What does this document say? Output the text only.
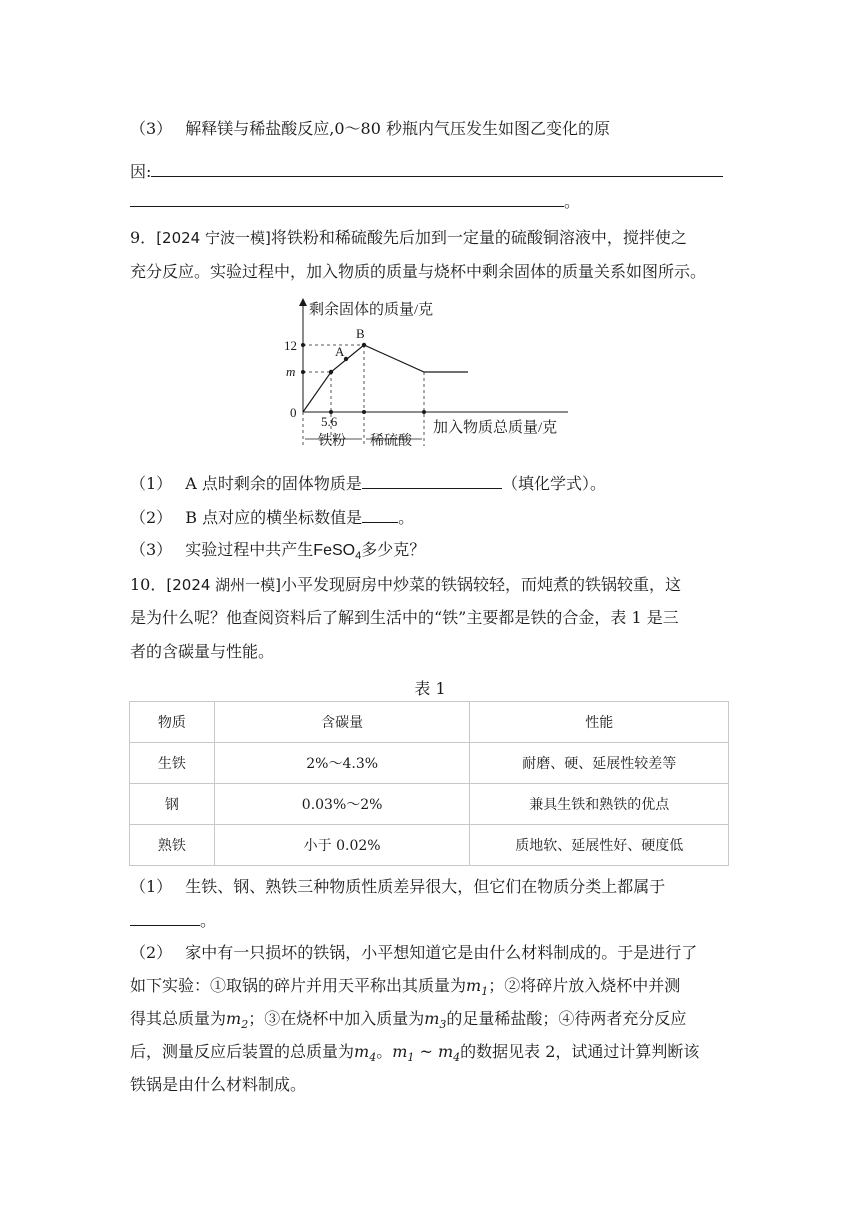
（3） 解释镁与稀盐酸反应,0～80 秒瓶内气压发生如图乙变化的原
因:
。
9．[2024 宁波一模]将铁粉和稀硫酸先后加到一定量的硫酸铜溶液中，搅拌使之
充分反应。实验过程中，加入物质的质量与烧杯中剩余固体的质量关系如图所示。
剩余固体的质量/克
12
m
0
5.6
A
B
铁粉 稀硫酸
加入物质总质量/克
（1） A 点时剩余的固体物质是	（填化学式）。
（2） B 点对应的横坐标数值是 。
（3） 实验过程中共产生FeSO$_4$多少克？
10．[2024 湖州一模]小平发现厨房中炒菜的铁锅较轻，而炖煮的铁锅较重，这
是为什么呢？他查阅资料后了解到生活中的“铁”主要都是铁的合金，表 1 是三
者的含碳量与性能。
表 1
物质	含碳量	性能
生铁	2%～4.3%	耐磨、硬、延展性较差等
钢	0.03%～2%	兼具生铁和熟铁的优点
熟铁	小于 0.02%	质地软、延展性好、硬度低
（1） 生铁、钢、熟铁三种物质性质差异很大，但它们在物质分类上都属于
。
（2） 家中有一只损坏的铁锅，小平想知道它是由什么材料制成的。于是进行了
如下实验：①取锅的碎片并用天平称出其质量为$m_1$；②将碎片放入烧杯中并测
得其总质量为$m_2$；③在烧杯中加入质量为$m_3$的足量稀盐酸；④待两者充分反应
后，测量反应后装置的总质量为$m_4$。$m_1$ ~ $m_4$的数据见表 2，试通过计算判断该
铁锅是由什么材料制成。
